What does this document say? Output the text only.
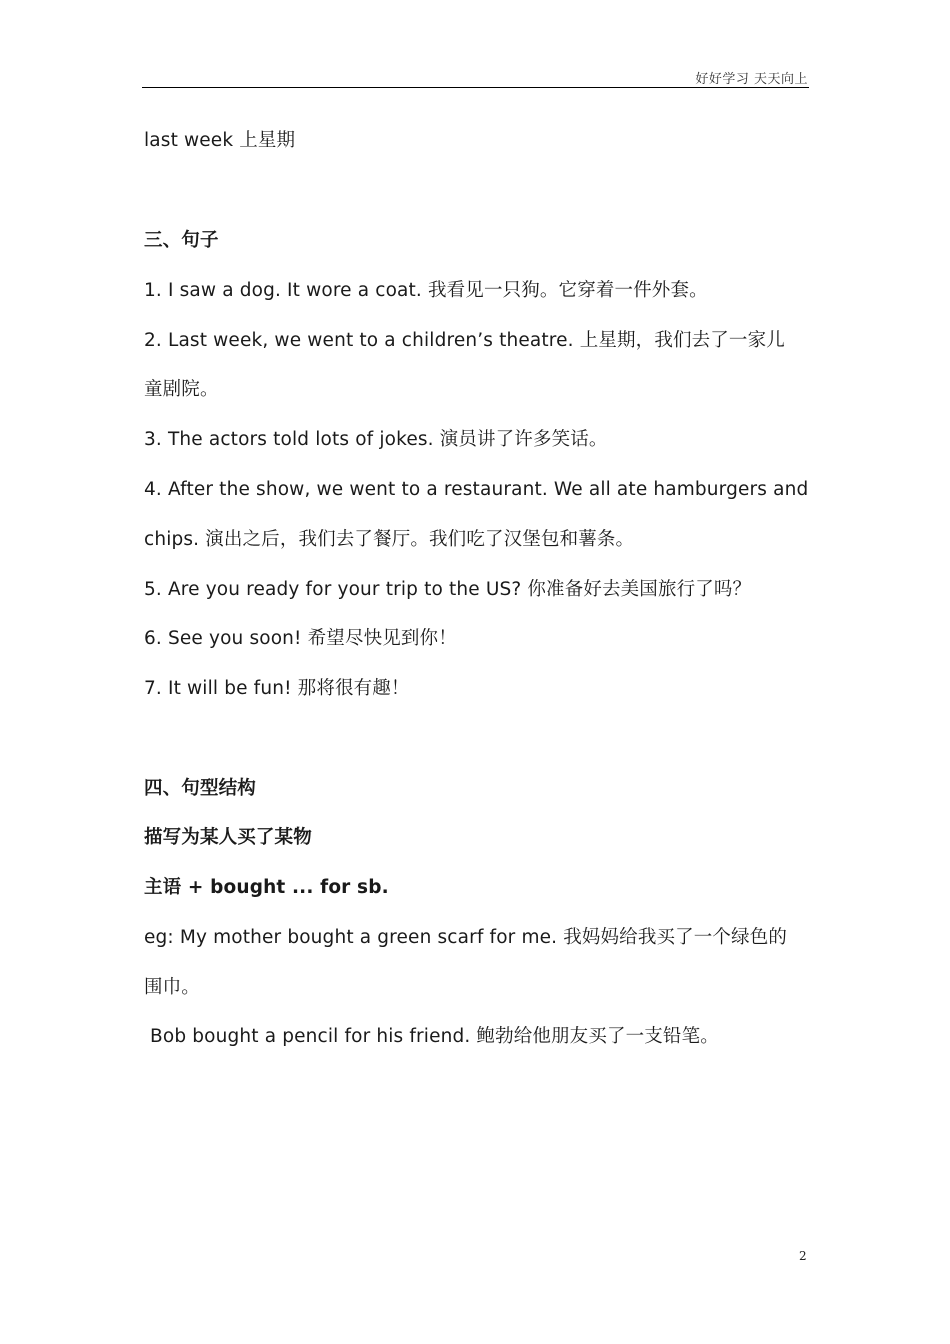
好好学习 天天向上
last week 上星期
三、句子
1. I saw a dog. It wore a coat. 我看见一只狗。它穿着一件外套。
2. Last week, we went to a children’s theatre. 上星期，我们去了一家儿
童剧院。
3. The actors told lots of jokes. 演员讲了许多笑话。
4. After the show, we went to a restaurant. We all ate hamburgers and
chips. 演出之后，我们去了餐厅。我们吃了汉堡包和薯条。
5. Are you ready for your trip to the US? 你准备好去美国旅行了吗？
6. See you soon! 希望尽快见到你！
7. It will be fun! 那将很有趣！
四、句型结构
描写为某人买了某物
主语 + bought ... for sb.
eg: My mother bought a green scarf for me. 我妈妈给我买了一个绿色的
围巾。
Bob bought a pencil for his friend. 鲍勃给他朋友买了一支铅笔。
2
